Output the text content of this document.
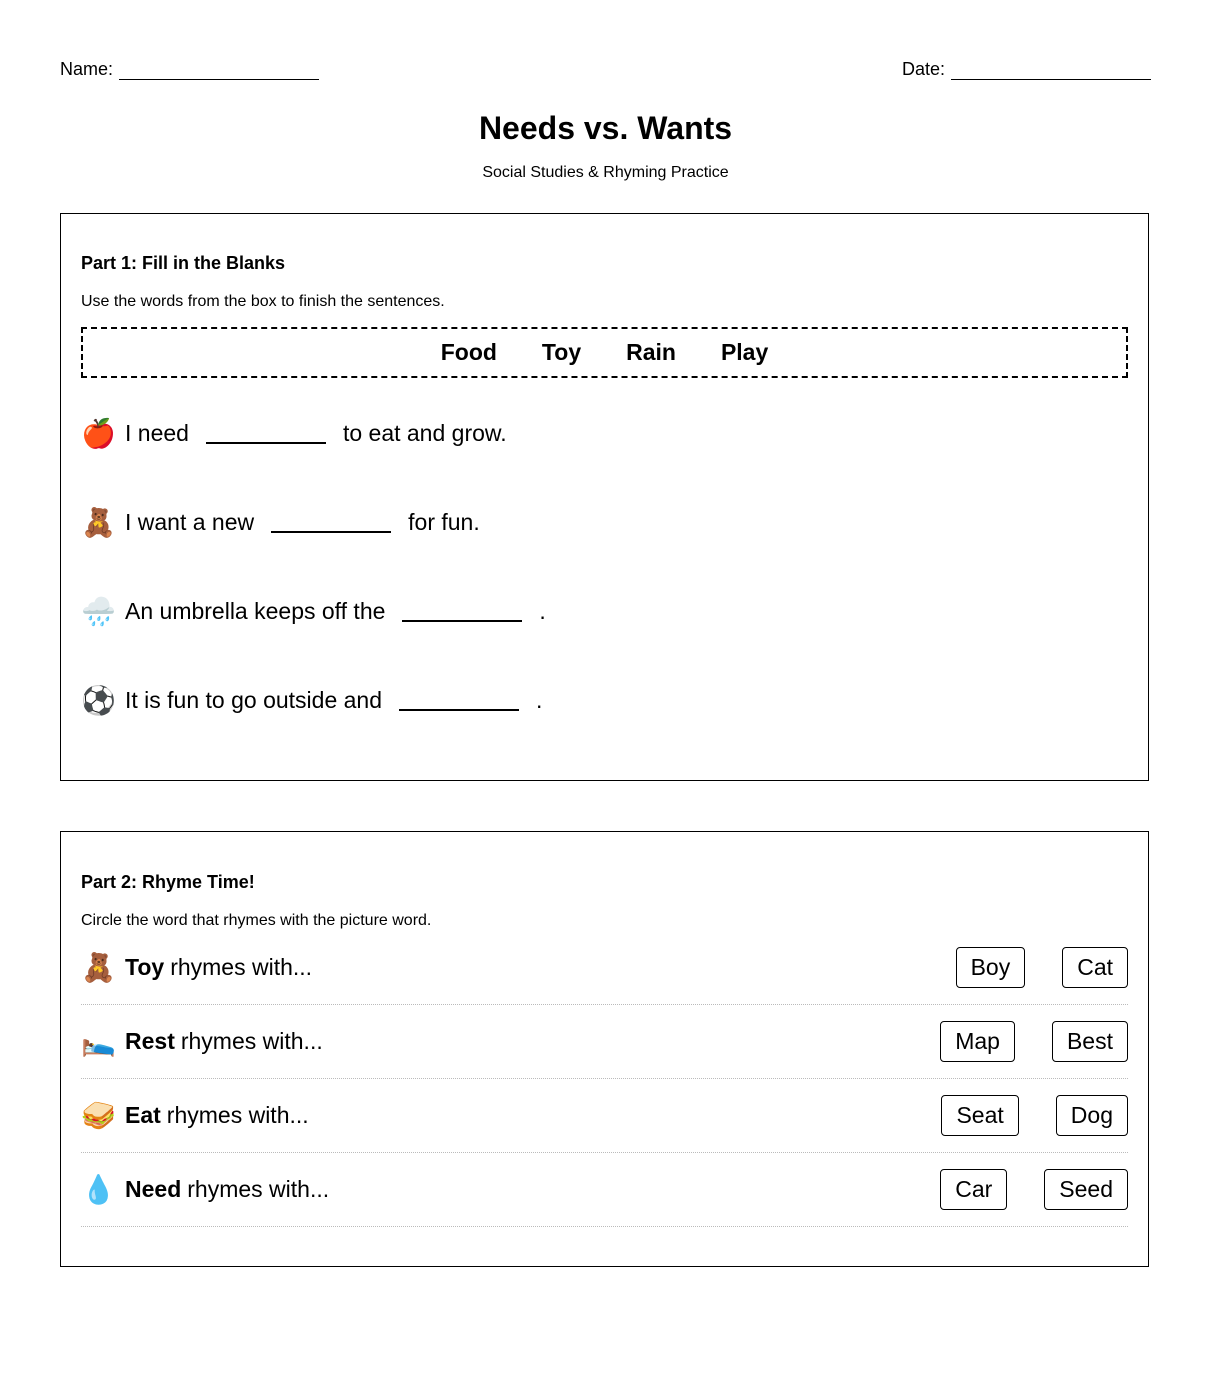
Name:	Date:
Needs vs. Wants
Social Studies & Rhyming Practice
Part 1: Fill in the Blanks
Use the words from the box to finish the sentences.
Food Toy Rain Play
🍎 I need	to eat and grow.
🧸 I want a new	for fun.
🌧️ An umbrella keeps off the	.
⚽ It is fun to go outside and	.
Part 2: Rhyme Time!
Circle the word that rhymes with the picture word.
🧸 Toy rhymes with...	Boy	Cat
🛌 Rest rhymes with...	Map	Best
🥪 Eat rhymes with...	Seat	Dog
💧 Need rhymes with...	Car	Seed
